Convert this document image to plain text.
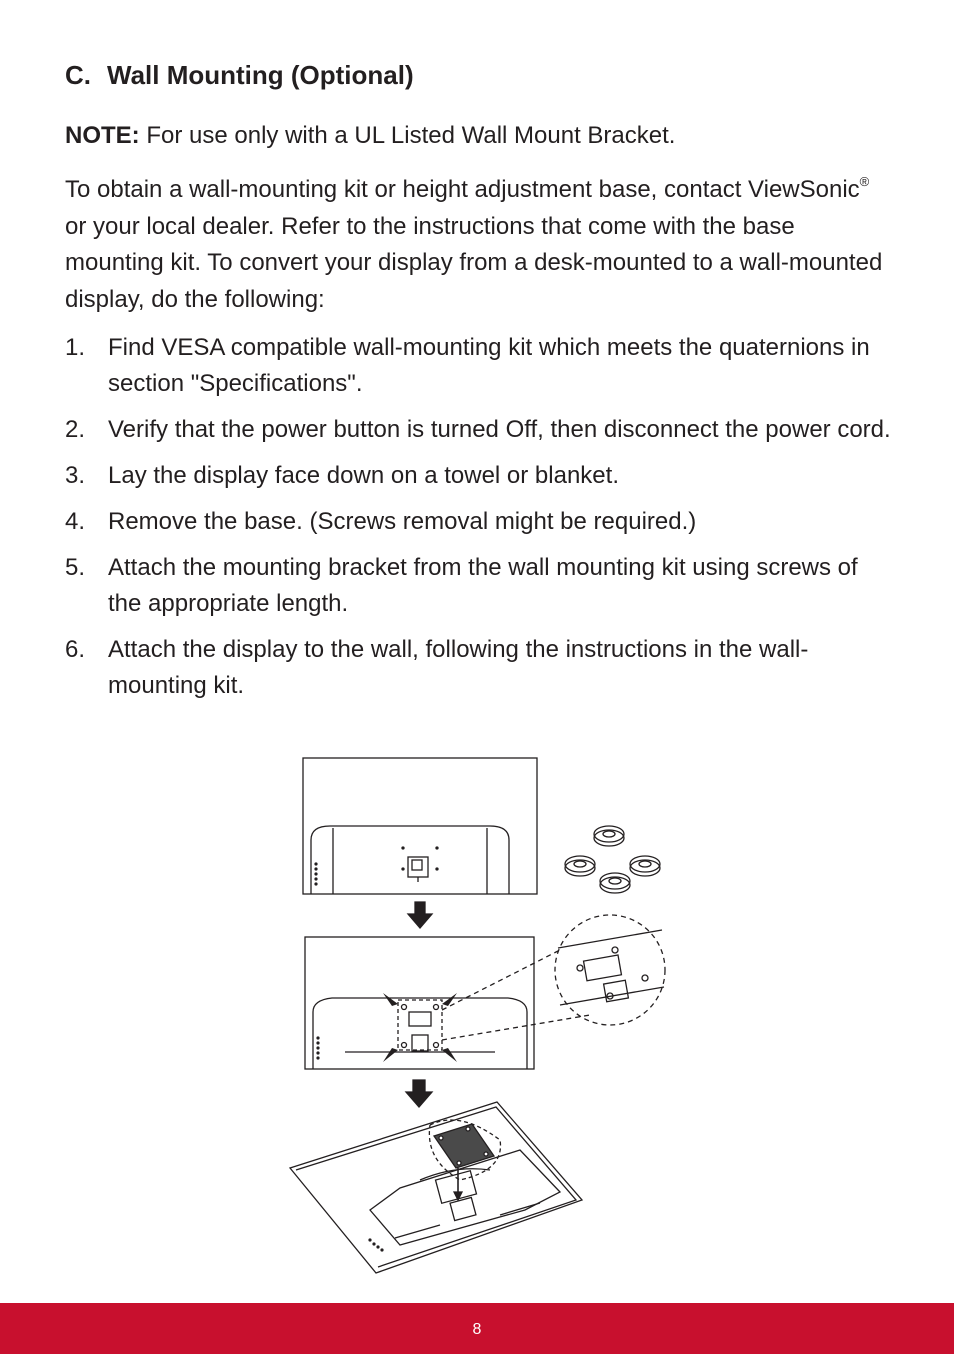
C. Wall Mounting (Optional)
NOTE: For use only with a UL Listed Wall Mount Bracket.
To obtain a wall-mounting kit or height adjustment base, contact ViewSonic® or your local dealer. Refer to the instructions that come with the base mounting kit. To convert your display from a desk-mounted to a wall-mounted display, do the following:
1. Find VESA compatible wall-mounting kit which meets the quaternions in section "Specifications".
2. Verify that the power button is turned Off, then disconnect the power cord.
3. Lay the display face down on a towel or blanket.
4. Remove the base. (Screws removal might be required.)
5. Attach the mounting bracket from the wall mounting kit using screws of the appropriate length.
6. Attach the display to the wall, following the instructions in the wall-mounting kit.
8
